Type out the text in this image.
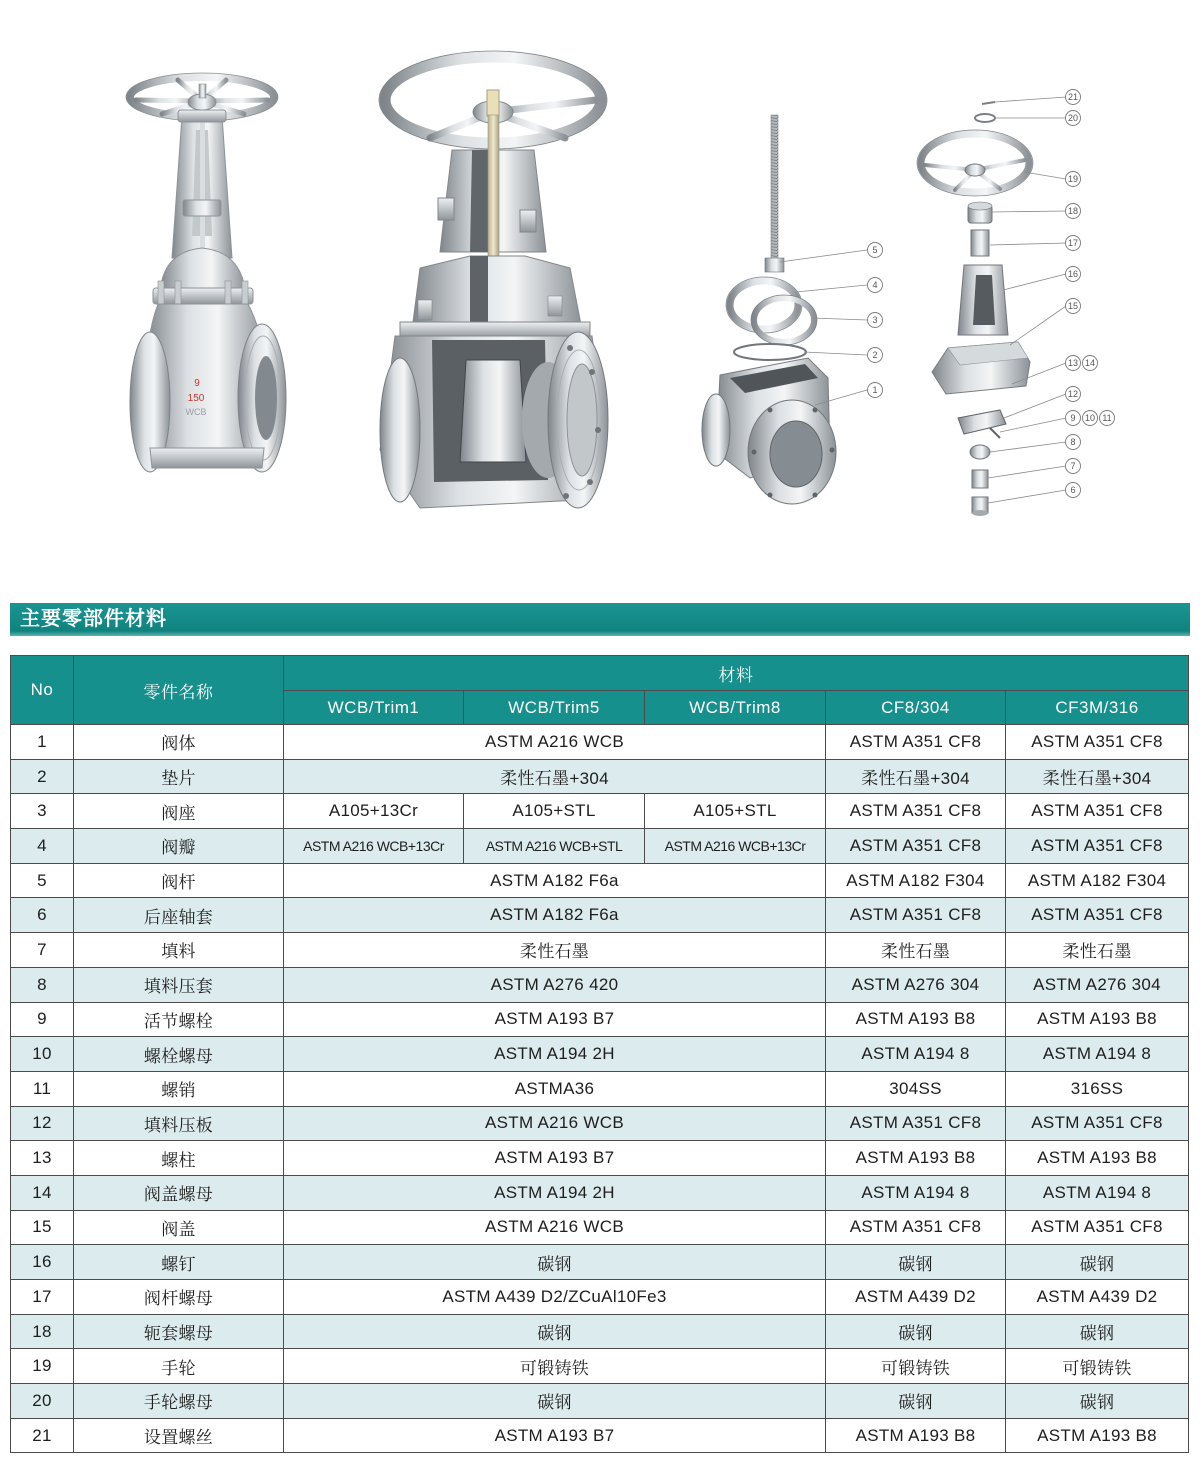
9
150
WCB
1
2
3
4
5
6
7
8
9 10 11
12
13 14
15
16
17
18
19
20
21
主要零部件材料
No	零件名称	材料				
		WCB/Trim1	WCB/Trim5	WCB/Trim8	CF8/304	CF3M/316
1	阀体	ASTM A216 WCB			ASTM A351 CF8	ASTM A351 CF8
2	垫片	柔性石墨+304			柔性石墨+304	柔性石墨+304
3	阀座	A105+13Cr	A105+STL	A105+STL	ASTM A351 CF8	ASTM A351 CF8
4	阀瓣	ASTM A216 WCB+13Cr	ASTM A216 WCB+STL	ASTM A216 WCB+13Cr	ASTM A351 CF8	ASTM A351 CF8
5	阀杆	ASTM A182 F6a			ASTM A182 F304	ASTM A182 F304
6	后座轴套	ASTM A182 F6a			ASTM A351 CF8	ASTM A351 CF8
7	填料	柔性石墨			柔性石墨	柔性石墨
8	填料压套	ASTM A276 420			ASTM A276 304	ASTM A276 304
9	活节螺栓	ASTM A193 B7			ASTM A193 B8	ASTM A193 B8
10	螺栓螺母	ASTM A194 2H			ASTM A194 8	ASTM A194 8
11	螺销	ASTMA36			304SS	316SS
12	填料压板	ASTM A216 WCB			ASTM A351 CF8	ASTM A351 CF8
13	螺柱	ASTM A193 B7			ASTM A193 B8	ASTM A193 B8
14	阀盖螺母	ASTM A194 2H			ASTM A194 8	ASTM A194 8
15	阀盖	ASTM A216 WCB			ASTM A351 CF8	ASTM A351 CF8
16	螺钉	碳钢			碳钢	碳钢
17	阀杆螺母	ASTM A439 D2/ZCuAl10Fe3			ASTM A439 D2	ASTM A439 D2
18	轭套螺母	碳钢			碳钢	碳钢
19	手轮	可锻铸铁			可锻铸铁	可锻铸铁
20	手轮螺母	碳钢			碳钢	碳钢
21	设置螺丝	ASTM A193 B7			ASTM A193 B8	ASTM A193 B8
